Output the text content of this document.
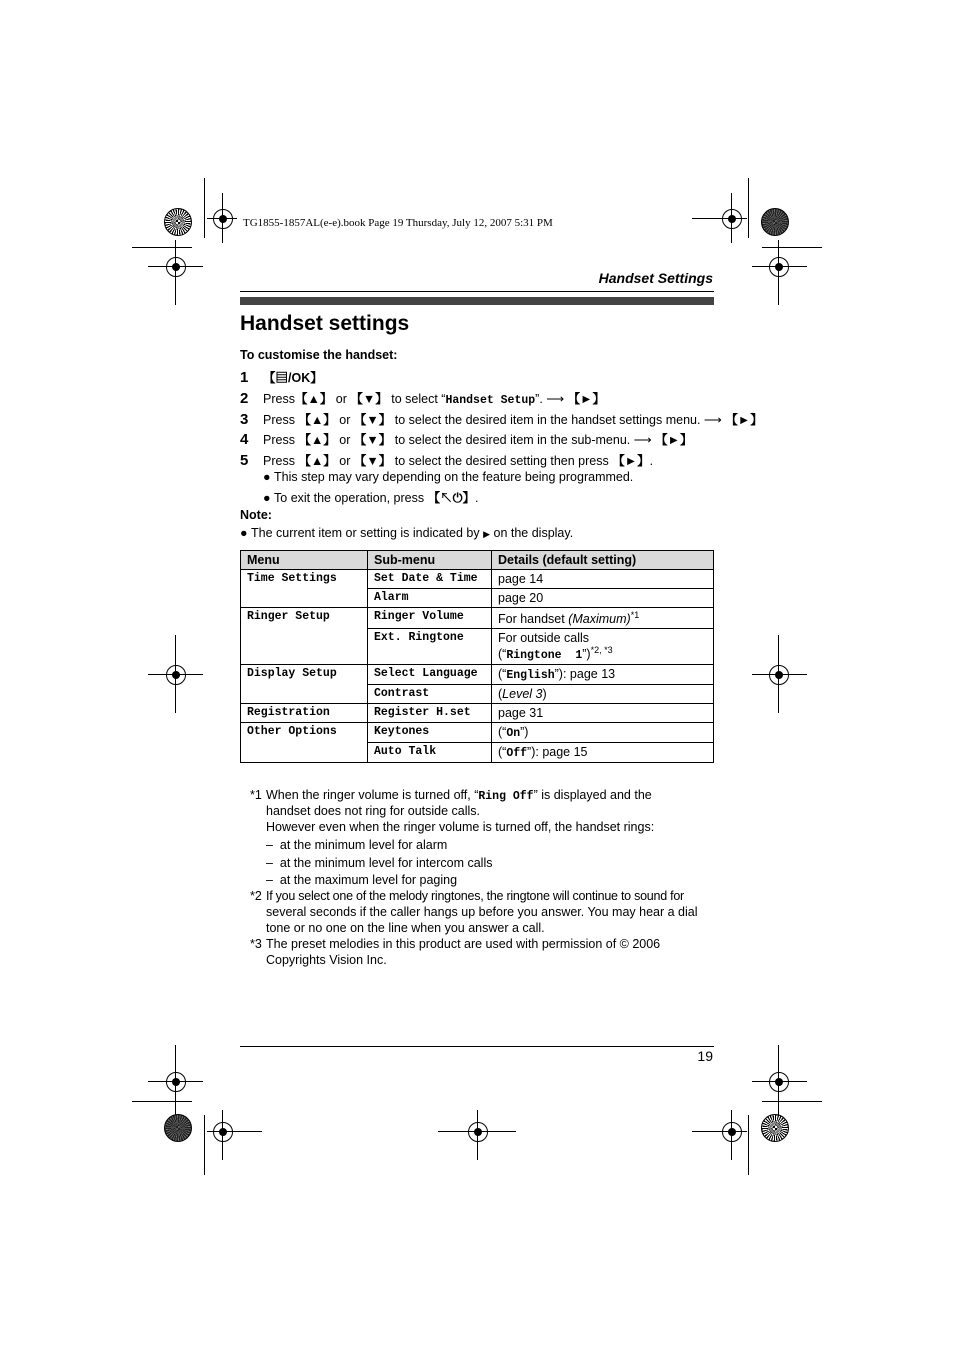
TG1855-1857AL(e-e).book Page 19 Thursday, July 12, 2007 5:31 PM
Handset Settings
Handset settings
To customise the handset:
1	【▤/OK】
2	Press 【▲】 or 【▼】 to select “ Handset Setup ”. ⟶ 【►】
3	Press 【▲】 or 【▼】 to select the desired item in the handset settings menu. ⟶ 【►】
4	Press 【▲】 or 【▼】 to select the desired item in the sub-menu. ⟶ 【►】
5	Press 【▲】 or 【▼】 to select the desired setting then press 【►】 .
● This step may vary depending on the feature being programmed.
● To exit the operation, press 【↖⏻】.
Note:
● The current item or setting is indicated by ▶ on the display.
Menu	Sub-menu	Details (default setting)
Time Settings	Set Date & Time	page 14
	Alarm	page 20
Ringer Setup	Ringer Volume	For handset (Maximum)$^{*1}$
	Ext. Ringtone	For outside calls
(“Ringtone  1”)$^{*2, *3}$
Display Setup	Select Language	(“English”): page 13
	Contrast	(Level 3)
Registration	Register H.set	page 31
Other Options	Keytones	(“On”)
	Auto Talk	(“Off”): page 15
*1 When the ringer volume is turned off, “Ring Off” is displayed and the
handset does not ring for outside calls.
However even when the ringer volume is turned off, the handset rings:
–  at the minimum level for alarm
–  at the minimum level for intercom calls
–  at the maximum level for paging
*2 If you select one of the melody ringtones, the ringtone will continue to sound for
several seconds if the caller hangs up before you answer. You may hear a dial
tone or no one on the line when you answer a call.
*3 The preset melodies in this product are used with permission of © 2006
Copyrights Vision Inc.
19
